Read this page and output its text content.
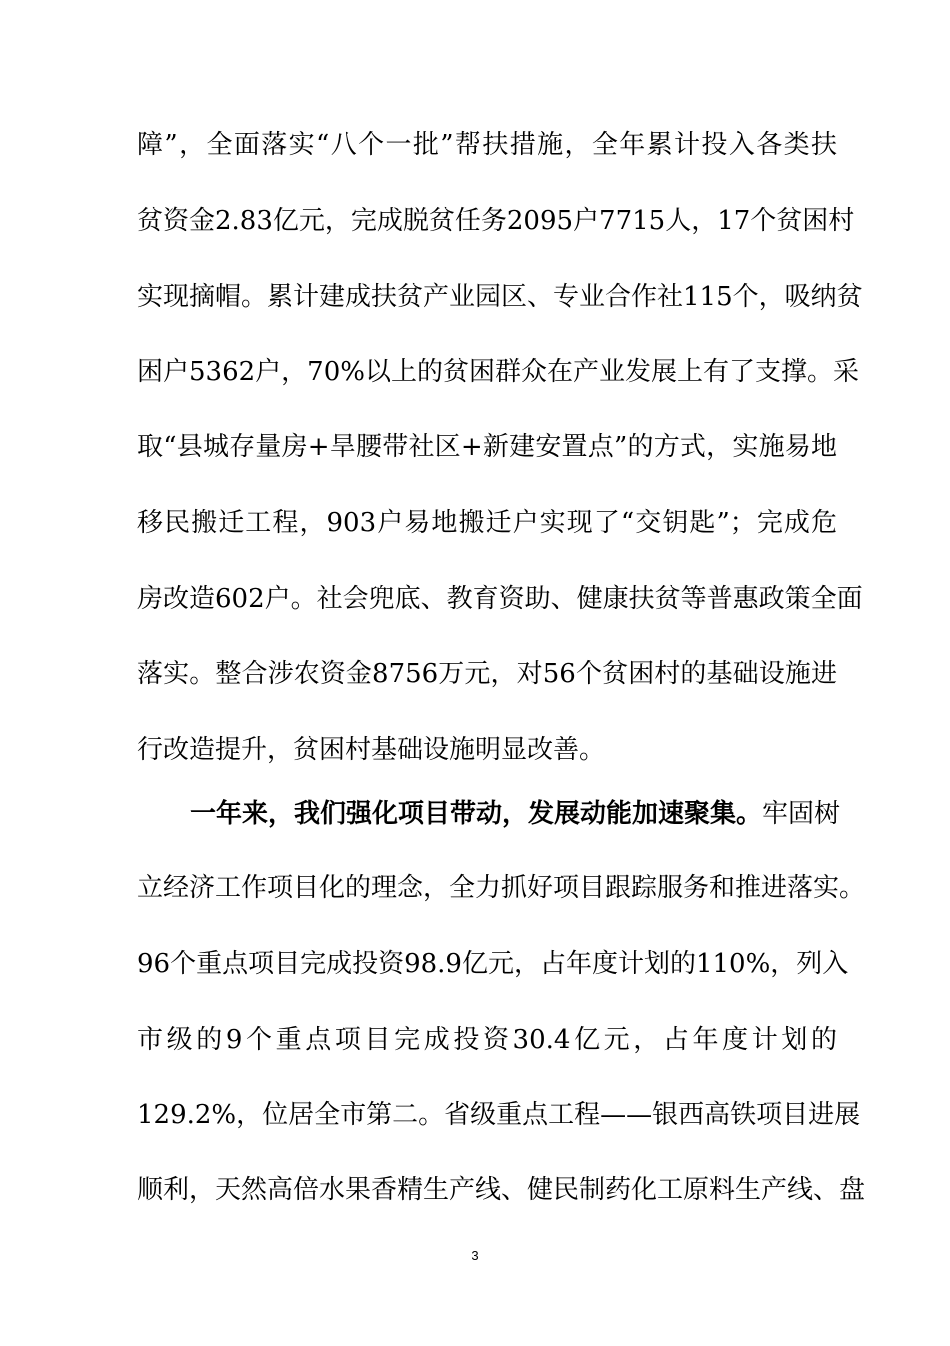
障”，全面落实“八个一批”帮扶措施，全年累计投入各类扶
贫资金2.83亿元，完成脱贫任务2095户7715人，17个贫困村
实现摘帽。累计建成扶贫产业园区、专业合作社115个，吸纳贫
困户5362户，70%以上的贫困群众在产业发展上有了支撑。采
取“县城存量房+旱腰带社区+新建安置点”的方式，实施易地
移民搬迁工程，903户易地搬迁户实现了“交钥匙”；完成危
房改造602户。社会兜底、教育资助、健康扶贫等普惠政策全面
落实。整合涉农资金8756万元，对56个贫困村的基础设施进
行改造提升，贫困村基础设施明显改善。
一年来，我们强化项目带动，发展动能加速聚集。牢固树
立经济工作项目化的理念，全力抓好项目跟踪服务和推进落实。
96个重点项目完成投资98.9亿元，占年度计划的110%，列入
市级的9个重点项目完成投资30.4亿元，占年度计划的
129.2%，位居全市第二。省级重点工程——银西高铁项目进展
顺利，天然高倍水果香精生产线、健民制药化工原料生产线、盘
3
